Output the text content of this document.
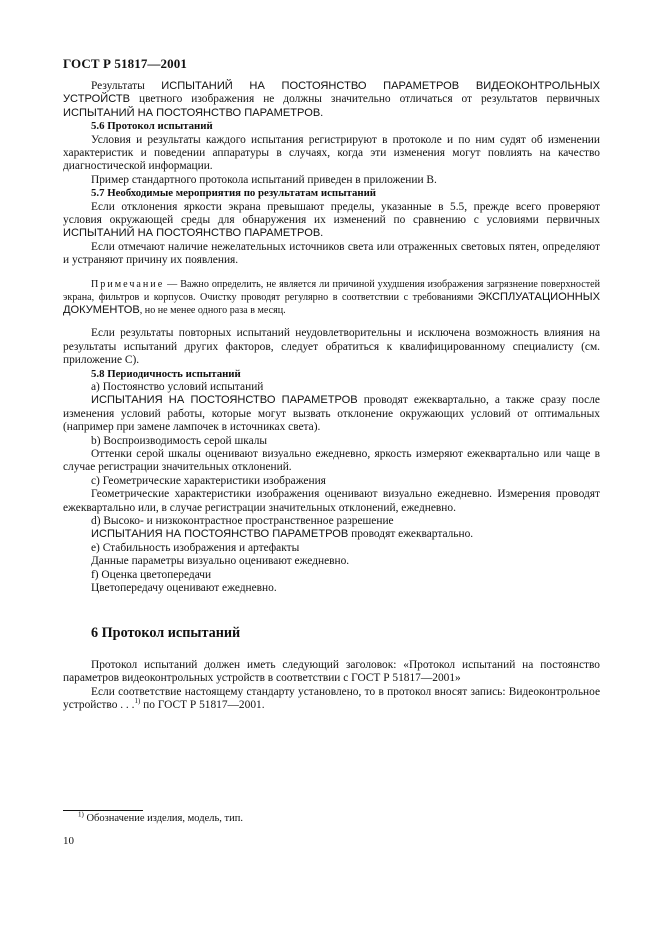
ГОСТ Р 51817—2001

Результаты ИСПЫТАНИЙ НА ПОСТОЯНСТВО ПАРАМЕТРОВ ВИДЕОКОНТРОЛЬНЫХ УСТРОЙСТВ цветного изображения не должны значительно отличаться от результатов первичных ИСПЫТАНИЙ НА ПОСТОЯНСТВО ПАРАМЕТРОВ.

5.6 Протокол испытаний

Условия и результаты каждого испытания регистрируют в протоколе и по ним судят об изменении характеристик и поведении аппаратуры в случаях, когда эти изменения могут повлиять на качество диагностической информации.

Пример стандартного протокола испытаний приведен в приложении В.

5.7 Необходимые мероприятия по результатам испытаний

Если отклонения яркости экрана превышают пределы, указанные в 5.5, прежде всего проверяют условия окружающей среды для обнаружения их изменений по сравнению с условиями первичных ИСПЫТАНИЙ НА ПОСТОЯНСТВО ПАРАМЕТРОВ.

Если отмечают наличие нежелательных источников света или отраженных световых пятен, определяют и устраняют причину их появления.

Примечание — Важно определить, не является ли причиной ухудшения изображения загрязнение поверхностей экрана, фильтров и корпусов. Очистку проводят регулярно в соответствии с требованиями ЭКСПЛУАТАЦИОННЫХ ДОКУМЕНТОВ, но не менее одного раза в месяц.

Если результаты повторных испытаний неудовлетворительны и исключена возможность влияния на результаты испытаний других факторов, следует обратиться к квалифицированному специалисту (см. приложение С).

5.8 Периодичность испытаний

а) Постоянство условий испытаний

ИСПЫТАНИЯ НА ПОСТОЯНСТВО ПАРАМЕТРОВ проводят ежеквартально, а также сразу после изменения условий работы, которые могут вызвать отклонение окружающих условий от оптимальных (например при замене лампочек в источниках света).

b) Воспроизводимость серой шкалы

Оттенки серой шкалы оценивают визуально ежедневно, яркость измеряют ежеквартально или чаще в случае регистрации значительных отклонений.

с) Геометрические характеристики изображения

Геометрические характеристики изображения оценивают визуально ежедневно. Измерения проводят ежеквартально или, в случае регистрации значительных отклонений, ежедневно.

d) Высоко- и низкоконтрастное пространственное разрешение

ИСПЫТАНИЯ НА ПОСТОЯНСТВО ПАРАМЕТРОВ проводят ежеквартально.

е) Стабильность изображения и артефакты

Данные параметры визуально оценивают ежедневно.

f) Оценка цветопередачи

Цветопередачу оценивают ежедневно.

6 Протокол испытаний

Протокол испытаний должен иметь следующий заголовок: «Протокол испытаний на постоянство параметров видеоконтрольных устройств в соответствии с ГОСТ Р 51817—2001»

Если соответствие настоящему стандарту установлено, то в протокол вносят запись: Видеоконтрольное устройство . . .$^{1)}$ по ГОСТ Р 51817—2001.

$^{1)}$ Обозначение изделия, модель, тип.
10
